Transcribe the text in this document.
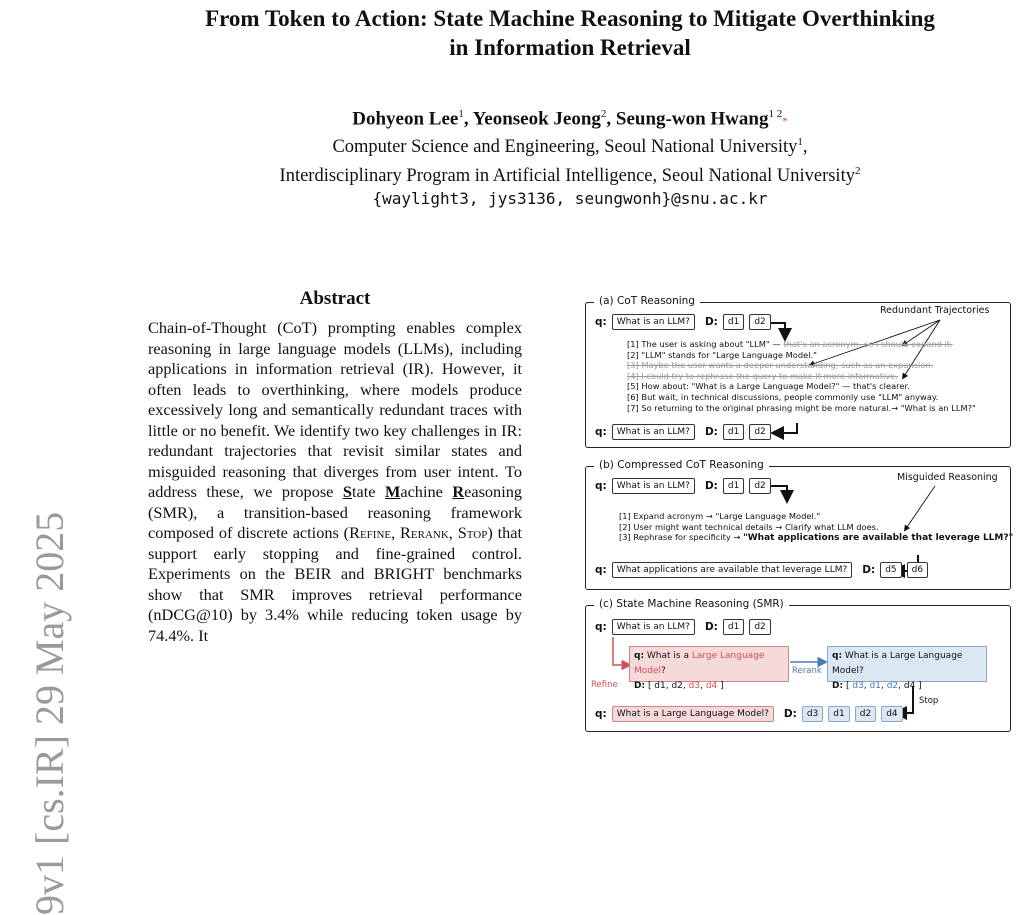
From Token to Action: State Machine Reasoning to Mitigate Overthinking
in Information Retrieval
Dohyeon Lee$^1$, Yeonseok Jeong$^2$, Seung-won Hwang$^{1 2}$*
Computer Science and Engineering, Seoul National University$^1$,
Interdisciplinary Program in Artificial Intelligence, Seoul National University$^2$
{waylight3, jys3136, seungwonh}@snu.ac.kr
9v1 [cs.IR] 29 May 2025
Abstract

Chain-of-Thought (CoT) prompting enables complex reasoning in large language models (LLMs), including applications in information retrieval (IR). However, it often leads to overthinking, where models produce excessively long and semantically redundant traces with little or no benefit. We identify two key challenges in IR: redundant trajectories that revisit similar states and misguided reasoning that diverges from user intent. To address these, we propose State Machine Reasoning (SMR), a transition-based reasoning framework composed of discrete actions (Refine, Rerank, Stop) that support early stopping and fine-grained control. Experiments on the BEIR and BRIGHT benchmarks show that SMR improves retrieval performance (nDCG@10) by 3.4% while reducing token usage by 74.4%. It

(a) CoT Reasoning
q:	What is an LLM?	D:	d1	d2
Redundant Trajectories
[1] The user is asking about "LLM" — that's an acronym, so I should expand it.
[2] "LLM" stands for "Large Language Model."
[3] Maybe the user wants a deeper understanding, such as an expansion.
[4] I could try to rephrase the query to make it more informative.
[5] How about: "What is a Large Language Model?" — that's clearer.
[6] But wait, in technical discussions, people commonly use "LLM" anyway.
[7] So returning to the original phrasing might be more natural.→ "What is an LLM?"
q:	What is an LLM?	D:	d1	d2
(b) Compressed CoT Reasoning
q:	What is an LLM?	D:	d1	d2
Misguided Reasoning
[1] Expand acronym → "Large Language Model."
[2] User might want technical details → Clarify what LLM does.
[3] Rephrase for specificity → "What applications are available that leverage LLM?"
q:	What applications are available that leverage LLM?	D:	d5	d6
(c) State Machine Reasoning (SMR)
q:	What is an LLM?	D:	d1	d2
q: What is a Large Language Model?
D: [ d1, d2, d3, d4 ]
Refine
q: What is a Large Language Model?
D: [ d3, d1, d2, d4 ]
Rerank
Stop
q:	What is a Large Language Model?	D:	d3	d1	d2	d4
